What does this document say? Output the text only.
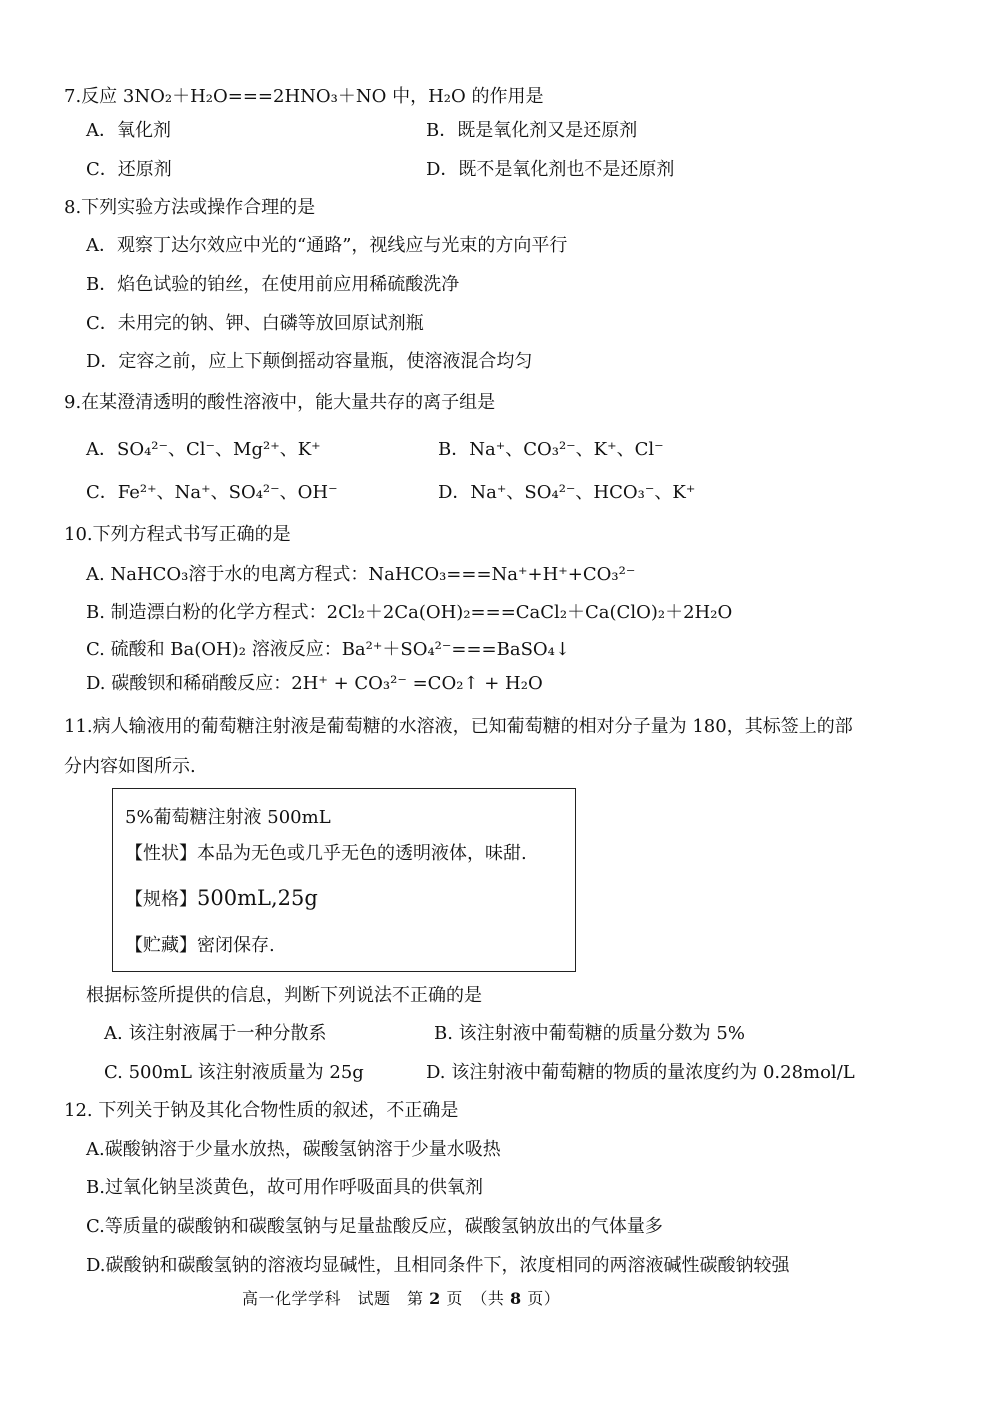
7.反应 3NO₂＋H₂O===2HNO₃＋NO 中，H₂O 的作用是
A．氧化剂	B．既是氧化剂又是还原剂
C．还原剂	D．既不是氧化剂也不是还原剂
8.下列实验方法或操作合理的是
A．观察丁达尔效应中光的“通路”，视线应与光束的方向平行
B．焰色试验的铂丝，在使用前应用稀硫酸洗净
C．未用完的钠、钾、白磷等放回原试剂瓶
D．定容之前，应上下颠倒摇动容量瓶，使溶液混合均匀
9.在某澄清透明的酸性溶液中，能大量共存的离子组是
A．SO₄²⁻、Cl⁻、Mg²⁺、K⁺	B．Na⁺、CO₃²⁻、K⁺、Cl⁻
C．Fe²⁺、Na⁺、SO₄²⁻、OH⁻	D．Na⁺、SO₄²⁻、HCO₃⁻、K⁺
10.下列方程式书写正确的是
A. NaHCO₃溶于水的电离方程式：NaHCO₃===Na⁺+H⁺+CO₃²⁻
B. 制造漂白粉的化学方程式：2Cl₂＋2Ca(OH)₂===CaCl₂＋Ca(ClO)₂＋2H₂O
C. 硫酸和 Ba(OH)₂ 溶液反应：Ba²⁺＋SO₄²⁻===BaSO₄↓
D. 碳酸钡和稀硝酸反应：2H⁺ + CO₃²⁻ =CO₂↑ + H₂O
11.病人输液用的葡萄糖注射液是葡萄糖的水溶液，已知葡萄糖的相对分子量为 180，其标签上的部
分内容如图所示.
5%葡萄糖注射液 500mL
【性状】本品为无色或几乎无色的透明液体，味甜.
【规格】500mL,25g
【贮藏】密闭保存.
根据标签所提供的信息，判断下列说法不正确的是
A. 该注射液属于一种分散系	B. 该注射液中葡萄糖的质量分数为 5%
C. 500mL 该注射液质量为 25g	D. 该注射液中葡萄糖的物质的量浓度约为 0.28mol/L
12. 下列关于钠及其化合物性质的叙述，不正确是
A.碳酸钠溶于少量水放热，碳酸氢钠溶于少量水吸热
B.过氧化钠呈淡黄色，故可用作呼吸面具的供氧剂
C.等质量的碳酸钠和碳酸氢钠与足量盐酸反应，碳酸氢钠放出的气体量多
D.碳酸钠和碳酸氢钠的溶液均显碱性，且相同条件下，浓度相同的两溶液碱性碳酸钠较强
高一化学学科　试题　第 2 页　（共 8 页）
